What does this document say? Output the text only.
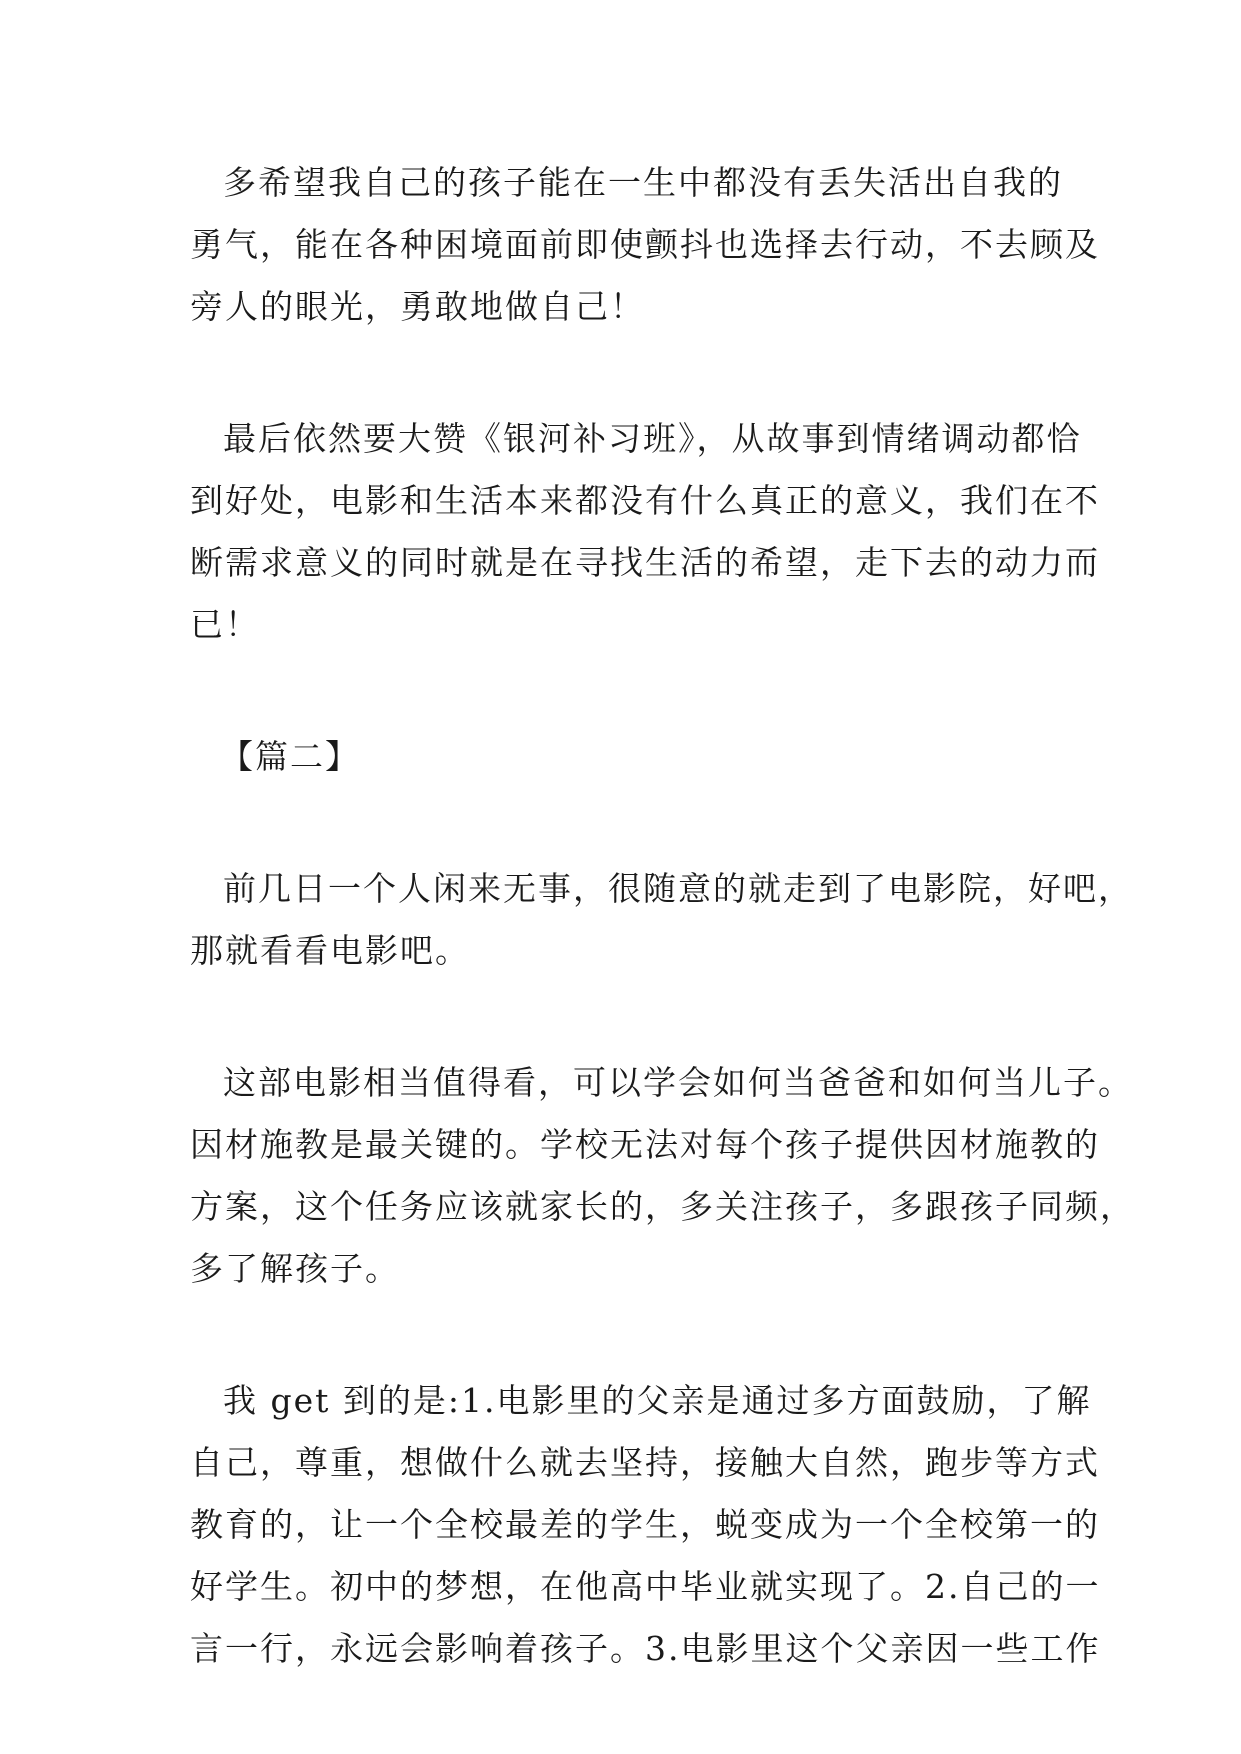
多希望我自己的孩子能在一生中都没有丢失活出自我的
勇气，能在各种困境面前即使颤抖也选择去行动，不去顾及
旁人的眼光，勇敢地做自己！
最后依然要大赞《银河补习班》，从故事到情绪调动都恰
到好处，电影和生活本来都没有什么真正的意义，我们在不
断需求意义的同时就是在寻找生活的希望，走下去的动力而
已！
【篇二】
前几日一个人闲来无事，很随意的就走到了电影院，好吧，
那就看看电影吧。
这部电影相当值得看，可以学会如何当爸爸和如何当儿子。
因材施教是最关键的。学校无法对每个孩子提供因材施教的
方案，这个任务应该就家长的，多关注孩子，多跟孩子同频，
多了解孩子。
我 get 到的是:1.电影里的父亲是通过多方面鼓励，了解
自己，尊重，想做什么就去坚持，接触大自然，跑步等方式
教育的，让一个全校最差的学生，蜕变成为一个全校第一的
好学生。初中的梦想，在他高中毕业就实现了。2.自己的一
言一行，永远会影响着孩子。3.电影里这个父亲因一些工作
